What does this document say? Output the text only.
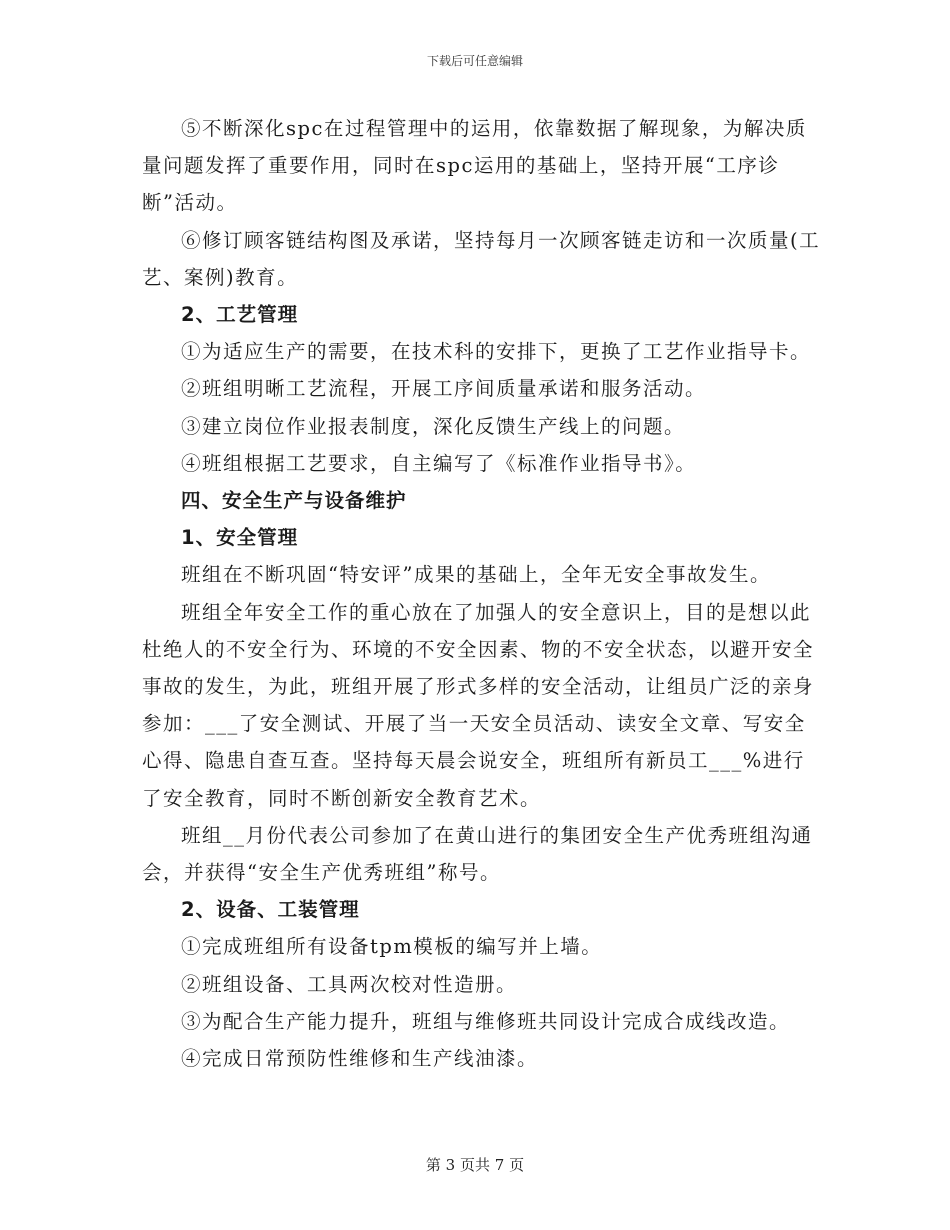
下载后可任意编辑
⑤不断深化spc在过程管理中的运用，依靠数据了解现象，为解决质量问题发挥了重要作用，同时在spc运用的基础上，坚持开展“工序诊断”活动。
⑥修订顾客链结构图及承诺，坚持每月一次顾客链走访和一次质量(工艺、案例)教育。
2、工艺管理
①为适应生产的需要，在技术科的安排下，更换了工艺作业指导卡。
②班组明晰工艺流程，开展工序间质量承诺和服务活动。
③建立岗位作业报表制度，深化反馈生产线上的问题。
④班组根据工艺要求，自主编写了《标准作业指导书》。
四、安全生产与设备维护
1、安全管理
班组在不断巩固“特安评”成果的基础上，全年无安全事故发生。
班组全年安全工作的重心放在了加强人的安全意识上，目的是想以此杜绝人的不安全行为、环境的不安全因素、物的不安全状态，以避开安全事故的发生，为此，班组开展了形式多样的安全活动，让组员广泛的亲身参加：___了安全测试、开展了当一天安全员活动、读安全文章、写安全心得、隐患自查互查。坚持每天晨会说安全，班组所有新员工___%进行了安全教育，同时不断创新安全教育艺术。
班组__月份代表公司参加了在黄山进行的集团安全生产优秀班组沟通会，并获得“安全生产优秀班组”称号。
2、设备、工装管理
①完成班组所有设备tpm模板的编写并上墙。
②班组设备、工具两次校对性造册。
③为配合生产能力提升，班组与维修班共同设计完成合成线改造。
④完成日常预防性维修和生产线油漆。
第 3 页共 7 页
